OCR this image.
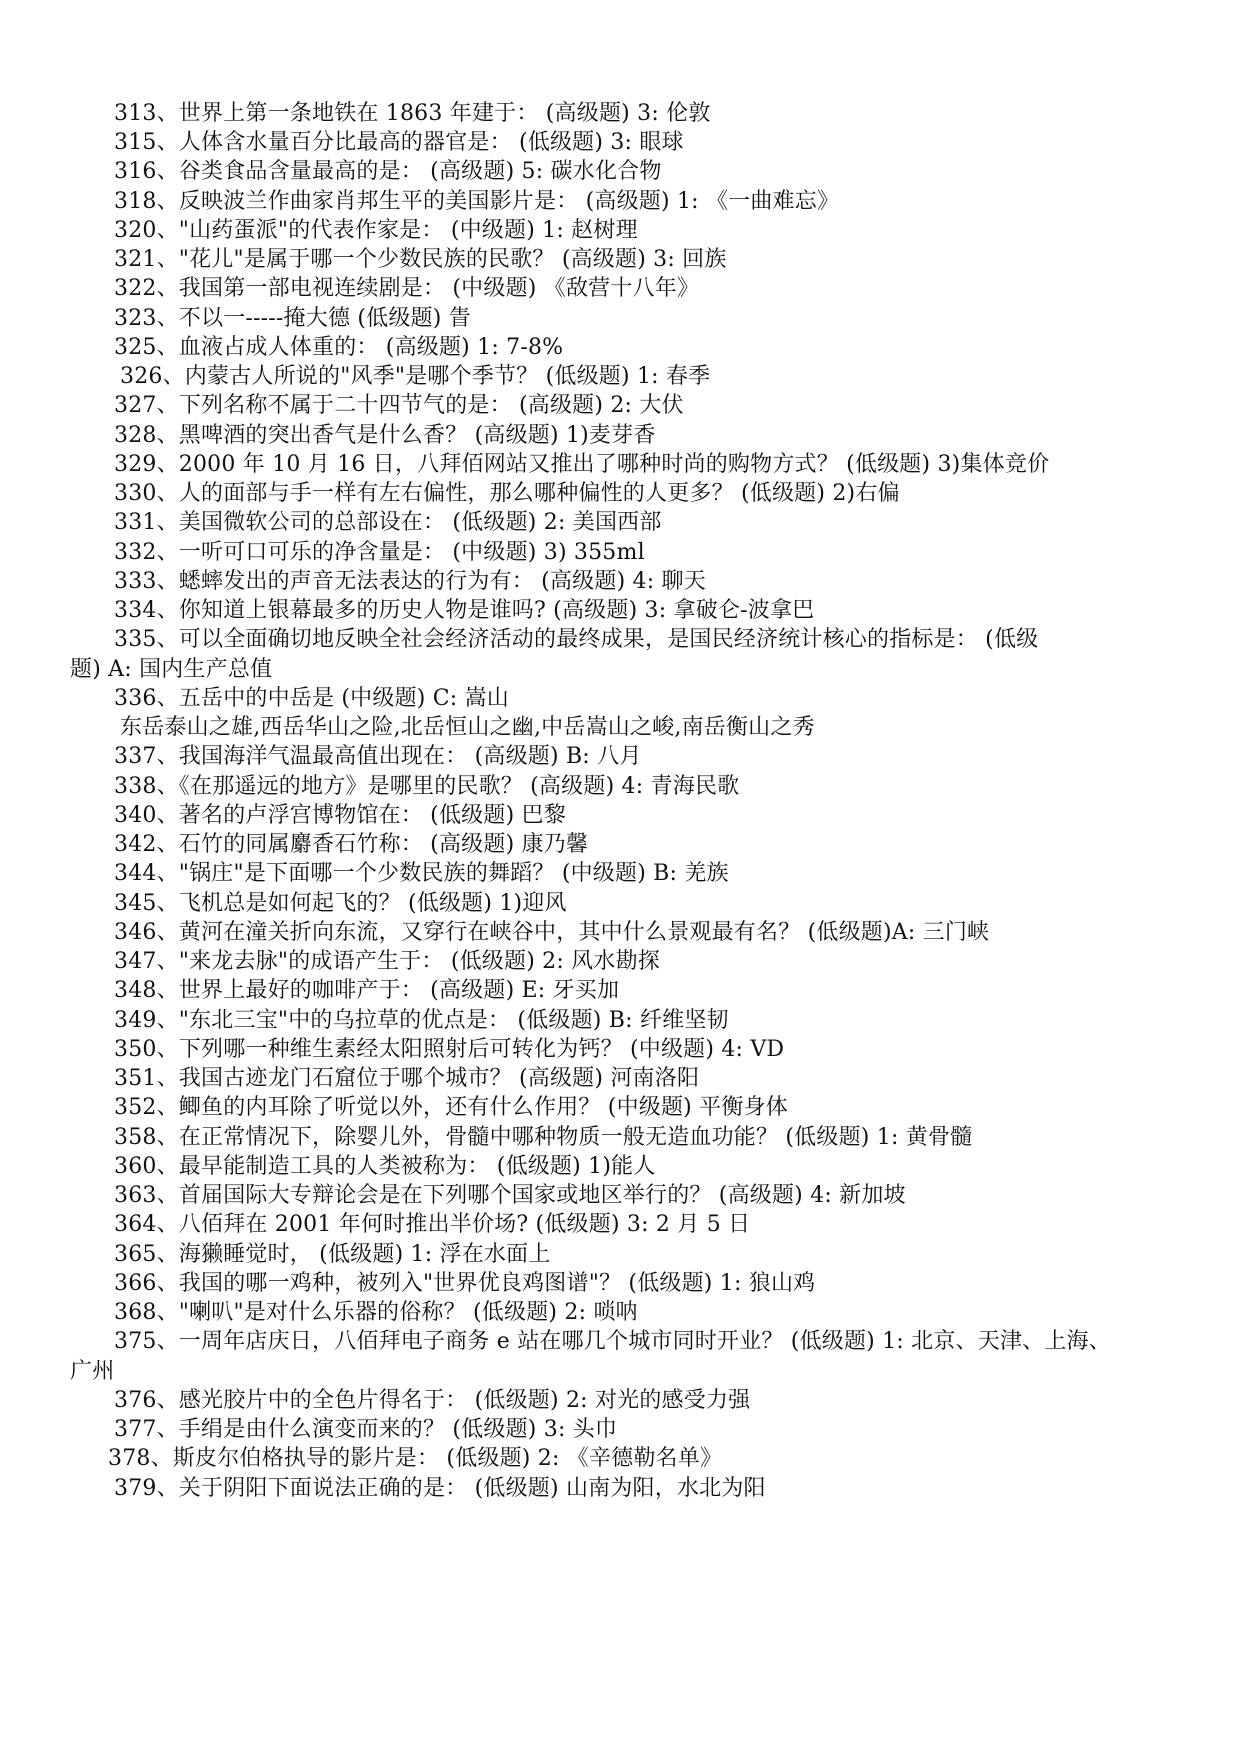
313、世界上第一条地铁在 1863 年建于： (高级题) 3: 伦敦
315、人体含水量百分比最高的器官是： (低级题) 3: 眼球
316、谷类食品含量最高的是： (高级题) 5: 碳水化合物
318、反映波兰作曲家肖邦生平的美国影片是： (高级题) 1: 《一曲难忘》
320、"山药蛋派"的代表作家是： (中级题) 1: 赵树理
321、"花儿"是属于哪一个少数民族的民歌？ (高级题) 3: 回族
322、我国第一部电视连续剧是： (中级题) 《敌营十八年》
323、不以一-----掩大德 (低级题) 眚
325、血液占成人体重的： (高级题) 1: 7-8%
326、内蒙古人所说的"风季"是哪个季节？ (低级题) 1: 春季
327、下列名称不属于二十四节气的是： (高级题) 2: 大伏
328、黑啤酒的突出香气是什么香？ (高级题) 1)麦芽香
329、2000 年 10 月 16 日，八拜佰网站又推出了哪种时尚的购物方式？ (低级题) 3)集体竞价
330、人的面部与手一样有左右偏性，那么哪种偏性的人更多？ (低级题) 2)右偏
331、美国微软公司的总部设在： (低级题) 2: 美国西部
332、一听可口可乐的净含量是： (中级题) 3) 355ml
333、蟋蟀发出的声音无法表达的行为有： (高级题) 4: 聊天
334、你知道上银幕最多的历史人物是谁吗? (高级题) 3: 拿破仑-波拿巴
335、可以全面确切地反映全社会经济活动的最终成果，是国民经济统计核心的指标是： (低级
题) A: 国内生产总值
336、五岳中的中岳是 (中级题) C: 嵩山
东岳泰山之雄,西岳华山之险,北岳恒山之幽,中岳嵩山之峻,南岳衡山之秀
337、我国海洋气温最高值出现在： (高级题) B: 八月
338、《在那遥远的地方》是哪里的民歌？ (高级题) 4: 青海民歌
340、著名的卢浮宫博物馆在： (低级题) 巴黎
342、石竹的同属麝香石竹称： (高级题) 康乃馨
344、"锅庄"是下面哪一个少数民族的舞蹈？ (中级题) B: 羌族
345、飞机总是如何起飞的？ (低级题) 1)迎风
346、黄河在潼关折向东流，又穿行在峡谷中，其中什么景观最有名？ (低级题)A: 三门峡
347、"来龙去脉"的成语产生于： (低级题) 2: 风水勘探
348、世界上最好的咖啡产于： (高级题) E: 牙买加
349、"东北三宝"中的乌拉草的优点是： (低级题) B: 纤维坚韧
350、下列哪一种维生素经太阳照射后可转化为钙？ (中级题) 4: VD
351、我国古迹龙门石窟位于哪个城市？ (高级题) 河南洛阳
352、鲫鱼的内耳除了听觉以外，还有什么作用？ (中级题) 平衡身体
358、在正常情况下，除婴儿外，骨髓中哪种物质一般无造血功能？ (低级题) 1: 黄骨髓
360、最早能制造工具的人类被称为： (低级题) 1)能人
363、首届国际大专辩论会是在下列哪个国家或地区举行的？ (高级题) 4: 新加坡
364、八佰拜在 2001 年何时推出半价场? (低级题) 3: 2 月 5 日
365、海獭睡觉时， (低级题) 1: 浮在水面上
366、我国的哪一鸡种，被列入"世界优良鸡图谱"？ (低级题) 1: 狼山鸡
368、"喇叭"是对什么乐器的俗称？ (低级题) 2: 唢呐
375、一周年店庆日，八佰拜电子商务 e 站在哪几个城市同时开业？ (低级题) 1: 北京、天津、上海、
广州
376、感光胶片中的全色片得名于： (低级题) 2: 对光的感受力强
377、手绢是由什么演变而来的？ (低级题) 3: 头巾
378、斯皮尔伯格执导的影片是： (低级题) 2: 《辛德勒名单》
379、关于阴阳下面说法正确的是： (低级题) 山南为阳，水北为阳
